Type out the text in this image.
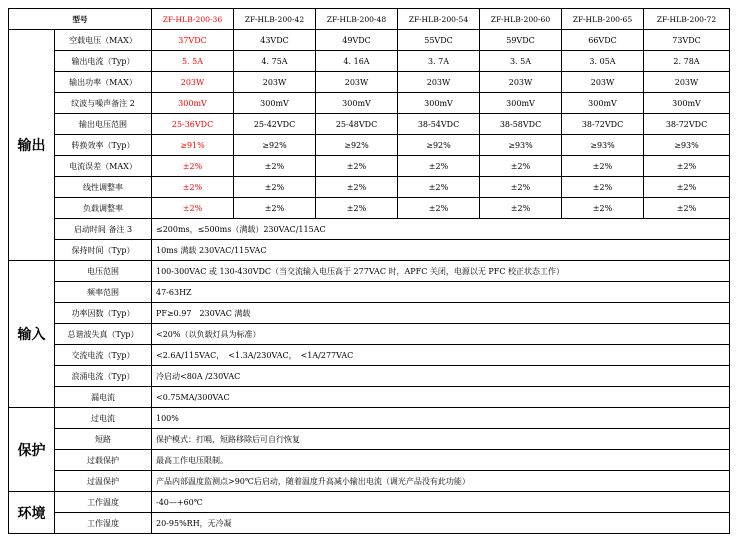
型号		ZF-HLB-200-36	ZF-HLB-200-42	ZF-HLB-200-48	ZF-HLB-200-54	ZF-HLB-200-60	ZF-HLB-200-65	ZF-HLB-200-72
输出	空载电压（MAX）	37VDC	43VDC	49VDC	55VDC	59VDC	66VDC	73VDC
	输出电流（Typ）	5. 5A	4. 75A	4. 16A	3. 7A	3. 5A	3. 05A	2. 78A
	输出功率（MAX）	203W	203W	203W	203W	203W	203W	203W
	纹波与噪声备注 2	300mV	300mV	300mV	300mV	300mV	300mV	300mV
	输出电压范围	25-36VDC	25-42VDC	25-48VDC	38-54VDC	38-58VDC	38-72VDC	38-72VDC
	转换效率（Typ）	≥91%	≥92%	≥92%	≥92%	≥93%	≥93%	≥93%
	电流误差（MAX）	±2%	±2%	±2%	±2%	±2%	±2%	±2%
	线性调整率	±2%	±2%	±2%	±2%	±2%	±2%	±2%
	负载调整率	±2%	±2%	±2%	±2%	±2%	±2%	±2%
	启动时间 备注 3	≤200ms，≤500ms（满载）230VAC/115AC						
	保持时间（Typ）	10ms 满载 230VAC/115VAC						
输入	电压范围	100-300VAC 或 130-430VDC（当交流输入电压高于 277VAC 时，APFC 关闭，电源以无 PFC 校正状态工作）						
	频率范围	47-63HZ						
	功率因数（Typ）	PF≥0.97　230VAC 满载						
	总谐波失真（Typ）	<20%（以负载灯具为标准）						
	交流电流（Typ）	<2.6A/115VAC，　<1.3A/230VAC，　<1A/277VAC						
	浪涌电流（Typ）	冷启动<80A /230VAC						
	漏电流	<0.75MA/300VAC						
保护	过电流	100%						
	短路	保护模式：打嗝，短路移除后可自行恢复						
	过载保护	最高工作电压限制。						
	过温保护	产品内部温度监测点>90℃后启动，随着温度升高减小输出电流（调光产品没有此功能）						
环境	工作温度	-40—+60℃						
	工作湿度	20-95%RH，无冷凝						
